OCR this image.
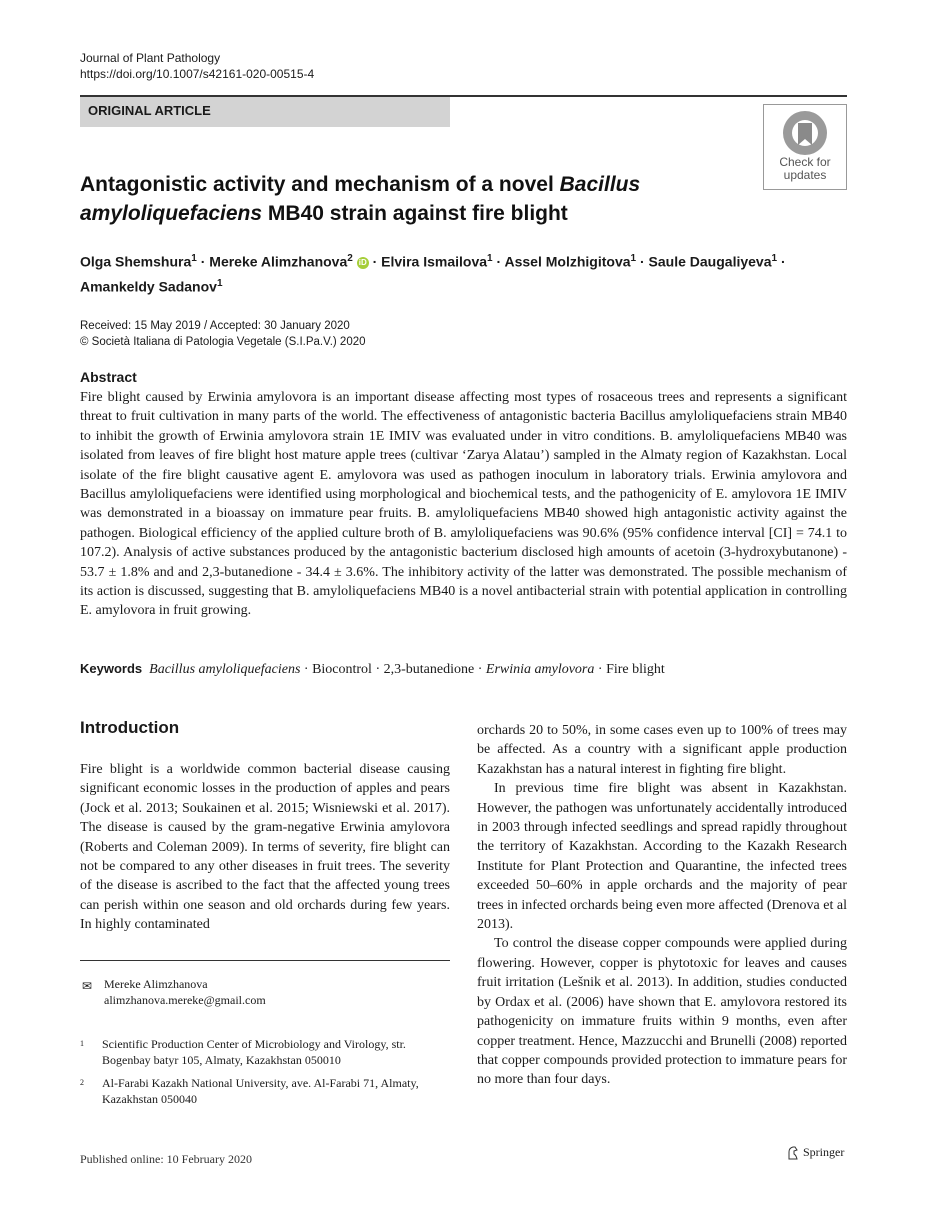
Journal of Plant Pathology
https://doi.org/10.1007/s42161-020-00515-4
ORIGINAL ARTICLE
Check for
updates
Antagonistic activity and mechanism of a novel Bacillus amyloliquefaciens MB40 strain against fire blight
Olga Shemshura$^1$ · Mereke Alimzhanova$^2$ iD · Elvira Ismailova$^1$ · Assel Molzhigitova$^1$ · Saule Daugaliyeva$^1$ ·
Amankeldy Sadanov$^1$
Received: 15 May 2019 / Accepted: 30 January 2020
© Società Italiana di Patologia Vegetale (S.I.Pa.V.) 2020
Abstract
Fire blight caused by Erwinia amylovora is an important disease affecting most types of rosaceous trees and represents a significant threat to fruit cultivation in many parts of the world. The effectiveness of antagonistic bacteria Bacillus amyloliquefaciens strain MB40 to inhibit the growth of Erwinia amylovora strain 1E IMIV was evaluated under in vitro conditions. B. amyloliquefaciens MB40 was isolated from leaves of fire blight host mature apple trees (cultivar ‘Zarya Alatau’) sampled in the Almaty region of Kazakhstan. Local isolate of the fire blight causative agent E. amylovora was used as pathogen inoculum in laboratory trials. Erwinia amylovora and Bacillus amyloliquefaciens were identified using morphological and biochemical tests, and the pathogenicity of E. amylovora 1E IMIV was demonstrated in a bioassay on immature pear fruits. B. amyloliquefaciens MB40 showed high antagonistic activity against the pathogen. Biological efficiency of the applied culture broth of B. amyloliquefaciens was 90.6% (95% confidence interval [CI] = 74.1 to 107.2). Analysis of active substances produced by the antagonistic bacterium disclosed high amounts of acetoin (3-hydroxybutanone) - 53.7 ± 1.8% and and 2,3-butanedione - 34.4 ± 3.6%. The inhibitory activity of the latter was demonstrated. The possible mechanism of its action is discussed, suggesting that B. amyloliquefaciens MB40 is a novel antibacterial strain with potential application in controlling E. amylovora in fruit growing.
Keywords Bacillus amyloliquefaciens · Biocontrol · 2,3-butanedione · Erwinia amylovora · Fire blight
Introduction

Fire blight is a worldwide common bacterial disease causing significant economic losses in the production of apples and pears (Jock et al. 2013; Soukainen et al. 2015; Wisniewski et al. 2017). The disease is caused by the gram-negative Erwinia amylovora (Roberts and Coleman 2009). In terms of severity, fire blight can not be compared to any other diseases in fruit trees. The severity of the disease is ascribed to the fact that the affected young trees can perish within one season and old orchards during few years. In highly contaminated

orchards 20 to 50%, in some cases even up to 100% of trees may be affected. As a country with a significant apple production Kazakhstan has a natural interest in fighting fire blight.

In previous time fire blight was absent in Kazakhstan. However, the pathogen was unfortunately accidentally introduced in 2003 through infected seedlings and spread rapidly throughout the territory of Kazakhstan. According to the Kazakh Research Institute for Plant Protection and Quarantine, the infected trees exceeded 50–60% in apple orchards and the majority of pear trees in infected orchards being even more affected (Drenova et al 2013).

To control the disease copper compounds were applied during flowering. However, copper is phytotoxic for leaves and causes fruit irritation (Lešnik et al. 2013). In addition, studies conducted by Ordax et al. (2006) have shown that E. amylovora restored its pathogenicity on immature fruits within 9 months, even after copper treatment. Hence, Mazzucchi and Brunelli (2008) reported that copper compounds provided protection to immature pears for no more than four days.

✉ Mereke Alimzhanova
alimzhanova.mereke@gmail.com
1 Scientific Production Center of Microbiology and Virology, str. Bogenbay batyr 105, Almaty, Kazakhstan 050010
2 Al-Farabi Kazakh National University, ave. Al-Farabi 71, Almaty, Kazakhstan 050040
Published online: 10 February 2020	Springer
